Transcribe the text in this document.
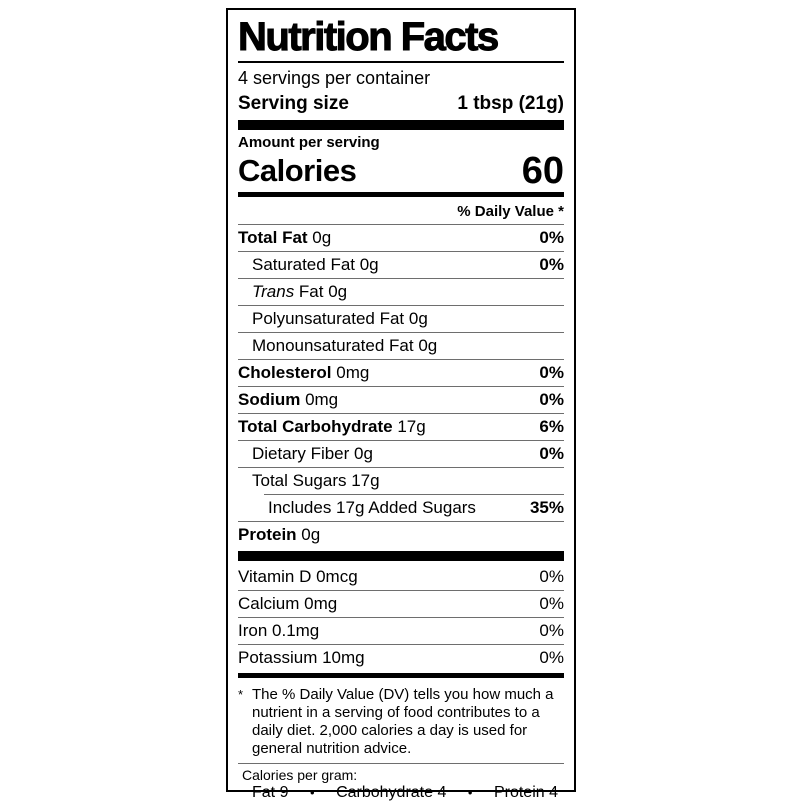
Nutrition Facts
4 servings per container
Serving size	1 tbsp (21g)
Amount per serving
Calories	60
% Daily Value *
Total Fat 0g	0%
Saturated Fat 0g	0%
Trans Fat 0g
Polyunsaturated Fat 0g
Monounsaturated Fat 0g
Cholesterol 0mg	0%
Sodium 0mg	0%
Total Carbohydrate 17g	6%
Dietary Fiber 0g	0%
Total Sugars 17g
Includes 17g Added Sugars	35%
Protein 0g
Vitamin D 0mcg	0%
Calcium 0mg	0%
Iron 0.1mg	0%
Potassium 10mg	0%
* The % Daily Value (DV) tells you how much a nutrient in a serving of food contributes to a daily diet. 2,000 calories a day is used for general nutrition advice.
Calories per gram:
Fat 9 • Carbohydrate 4 • Protein 4
